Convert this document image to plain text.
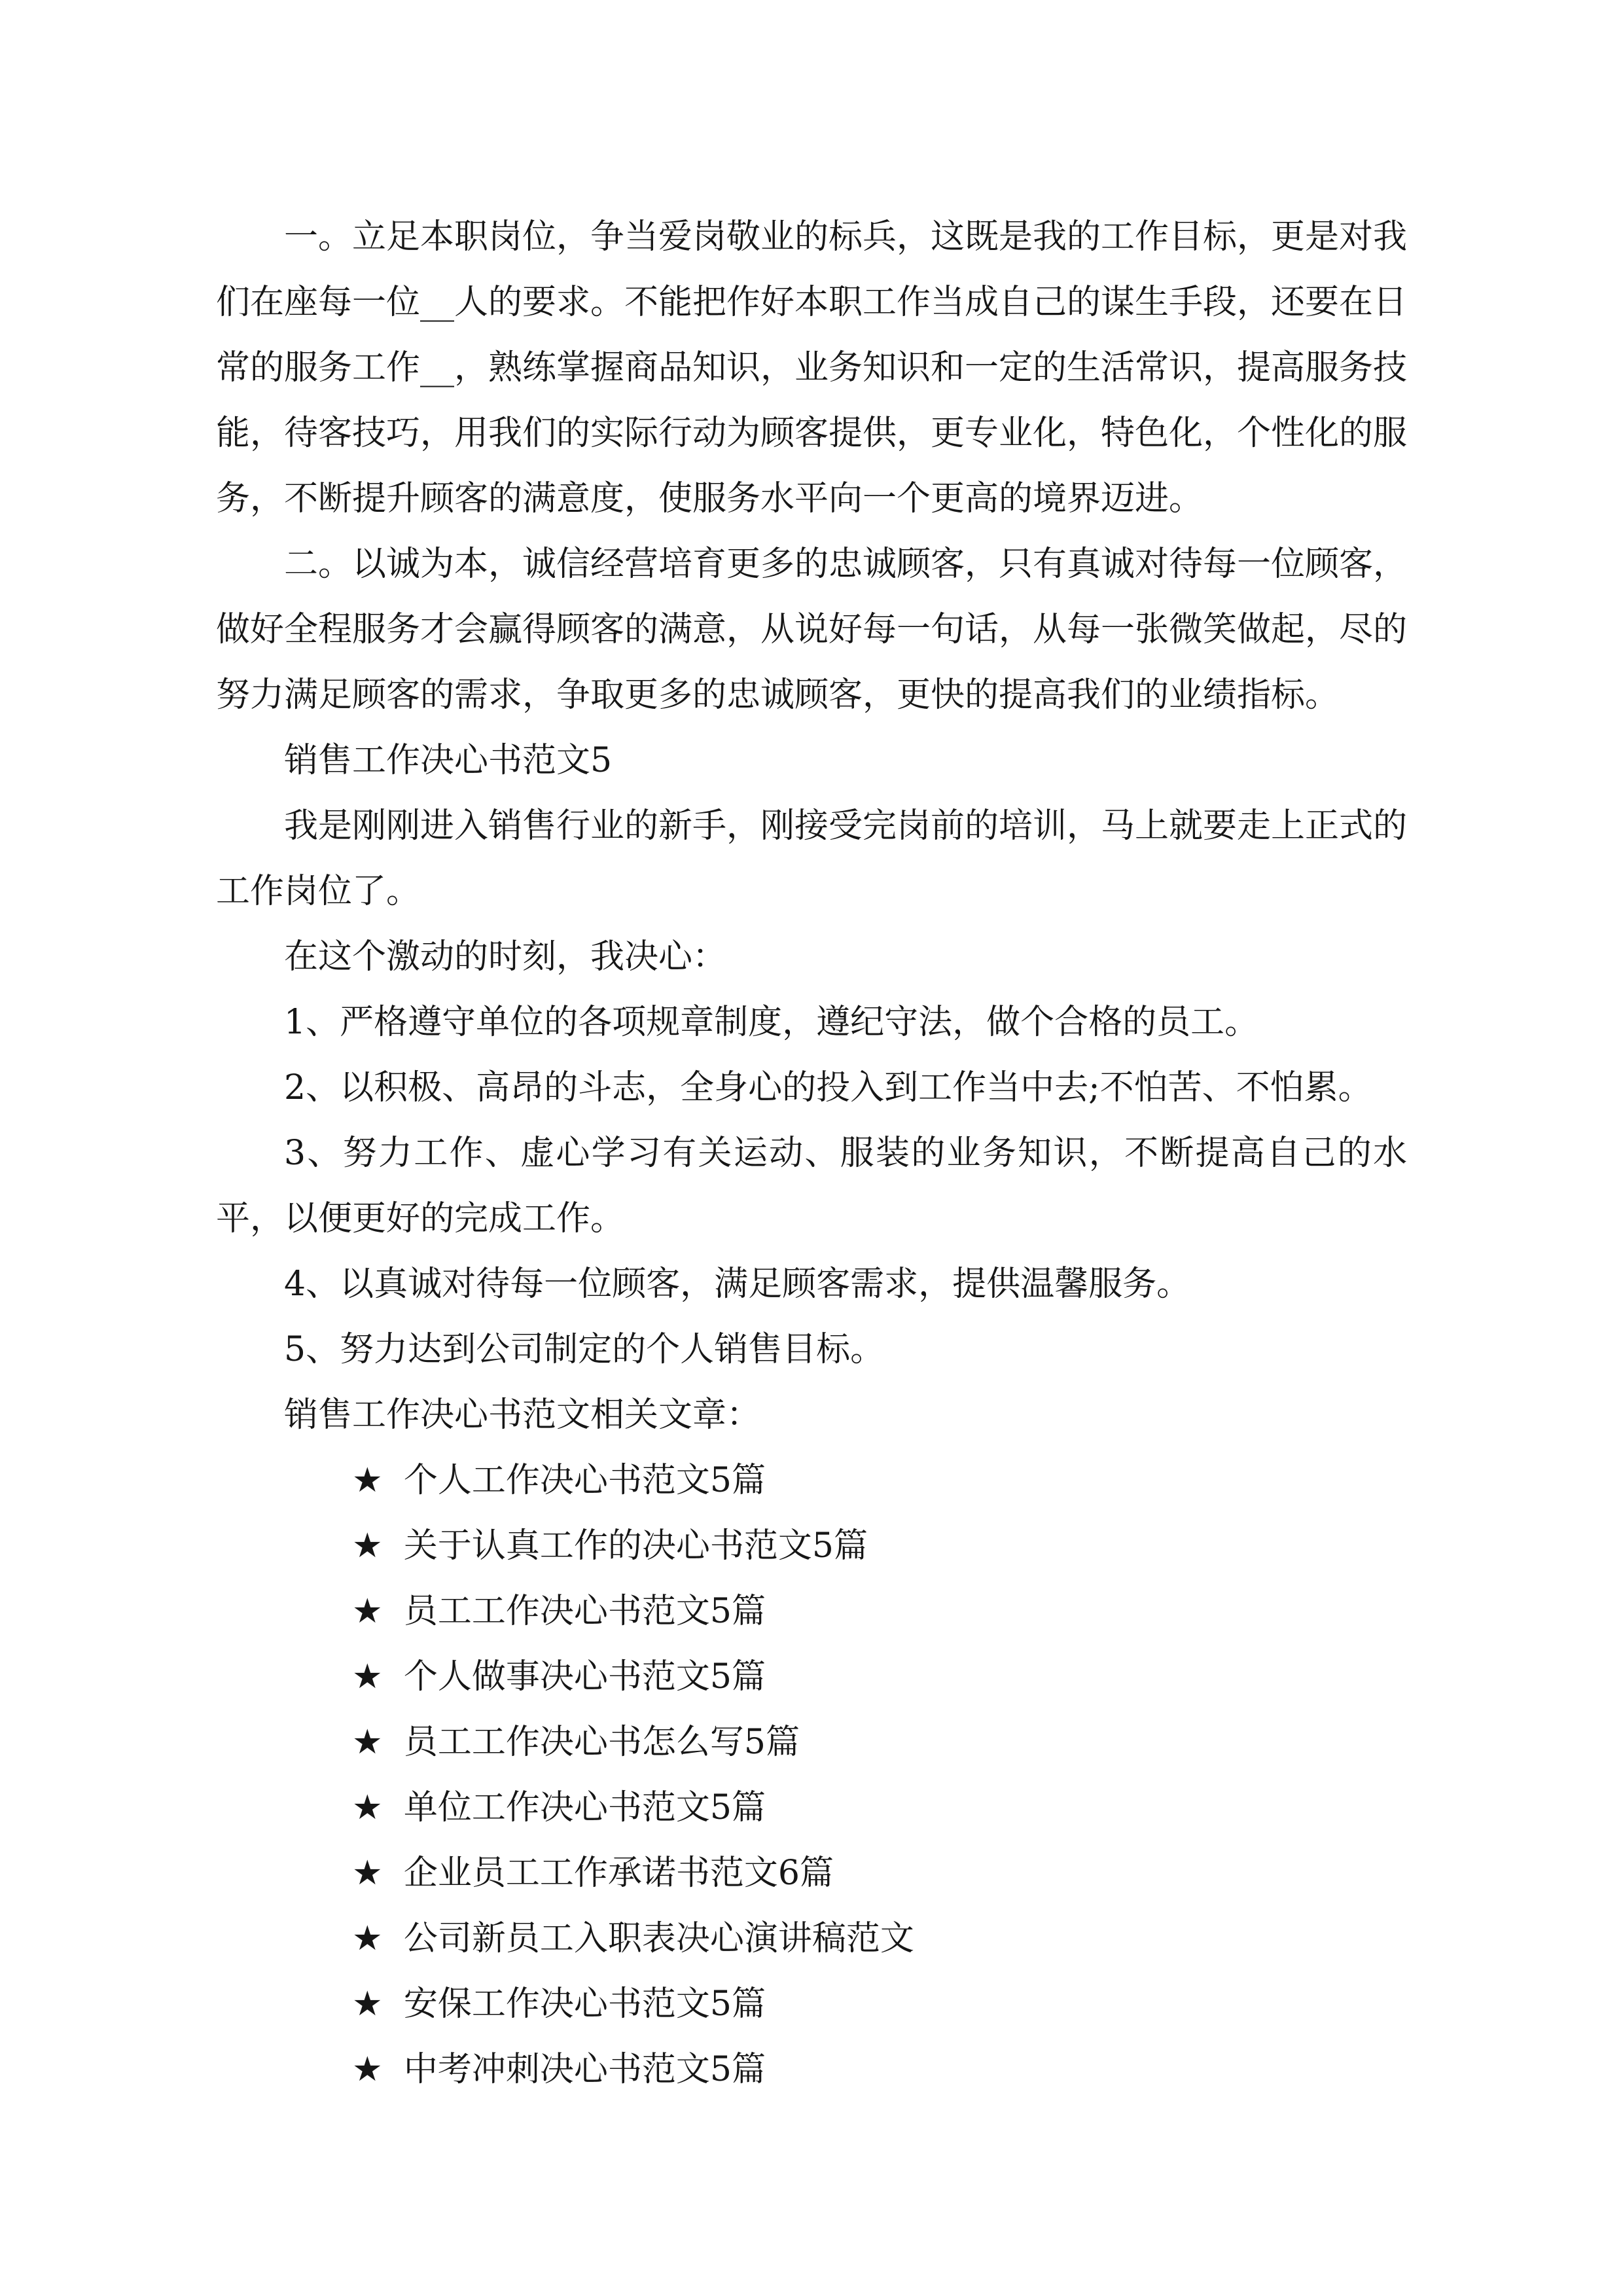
一。立足本职岗位，争当爱岗敬业的标兵，这既是我的工作目标，更是对我们在座每一位__人的要求。不能把作好本职工作当成自己的谋生手段，还要在日常的服务工作__，熟练掌握商品知识，业务知识和一定的生活常识，提高服务技能，待客技巧，用我们的实际行动为顾客提供，更专业化，特色化，个性化的服务，不断提升顾客的满意度，使服务水平向一个更高的境界迈进。

二。以诚为本，诚信经营培育更多的忠诚顾客，只有真诚对待每一位顾客，做好全程服务才会赢得顾客的满意，从说好每一句话，从每一张微笑做起，尽的努力满足顾客的需求，争取更多的忠诚顾客，更快的提高我们的业绩指标。

销售工作决心书范文5

我是刚刚进入销售行业的新手，刚接受完岗前的培训，马上就要走上正式的工作岗位了。

在这个激动的时刻，我决心：

1、严格遵守单位的各项规章制度，遵纪守法，做个合格的员工。

2、以积极、高昂的斗志，全身心的投入到工作当中去;不怕苦、不怕累。

3、努力工作、虚心学习有关运动、服装的业务知识，不断提高自己的水平，以便更好的完成工作。

4、以真诚对待每一位顾客，满足顾客需求，提供温馨服务。

5、努力达到公司制定的个人销售目标。

销售工作决心书范文相关文章：

★ 个人工作决心书范文5篇

★ 关于认真工作的决心书范文5篇

★ 员工工作决心书范文5篇

★ 个人做事决心书范文5篇

★ 员工工作决心书怎么写5篇

★ 单位工作决心书范文5篇

★ 企业员工工作承诺书范文6篇

★ 公司新员工入职表决心演讲稿范文

★ 安保工作决心书范文5篇

★ 中考冲刺决心书范文5篇
